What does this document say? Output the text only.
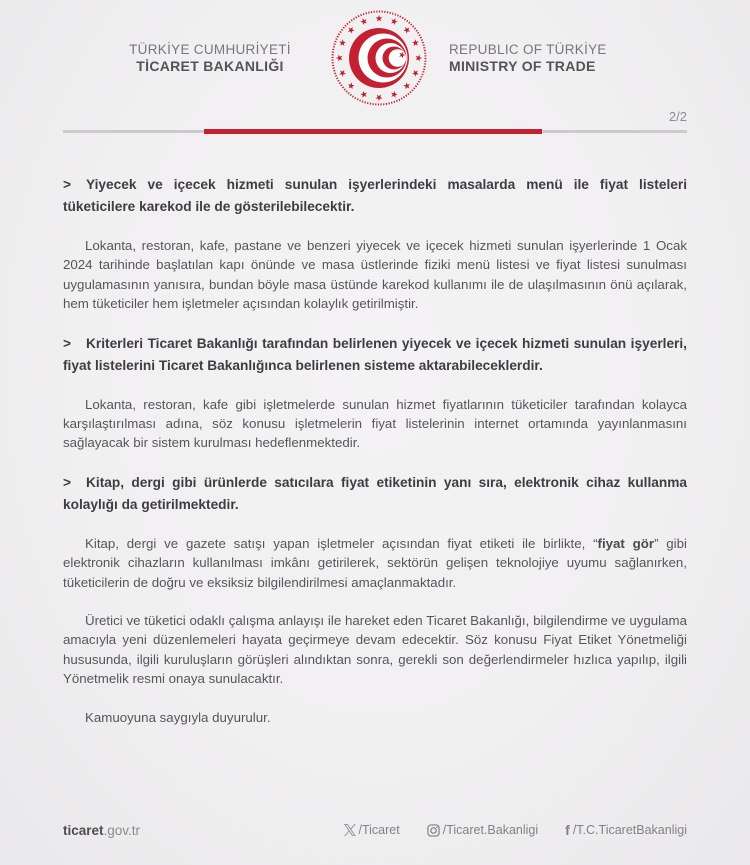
TÜRKİYE CUMHURİYETİ
TİCARET BAKANLIĞI
REPUBLIC OF TÜRKİYE
MINISTRY OF TRADE
2/2
> Yiyecek ve içecek hizmeti sunulan işyerlerindeki masalarda menü ile fiyat listeleri tüketicilere karekod ile de gösterilebilecektir.

Lokanta, restoran, kafe, pastane ve benzeri yiyecek ve içecek hizmeti sunulan işyerlerinde 1 Ocak 2024 tarihinde başlatılan kapı önünde ve masa üstlerinde fiziki menü listesi ve fiyat listesi sunulması uygulamasının yanısıra, bundan böyle masa üstünde karekod kullanımı ile de ulaşılmasının önü açılarak, hem tüketiciler hem işletmeler açısından kolaylık getirilmiştir.

> Kriterleri Ticaret Bakanlığı tarafından belirlenen yiyecek ve içecek hizmeti sunulan işyerleri, fiyat listelerini Ticaret Bakanlığınca belirlenen sisteme aktarabileceklerdir.

Lokanta, restoran, kafe gibi işletmelerde sunulan hizmet fiyatlarının tüketiciler tarafından kolayca karşılaştırılması adına, söz konusu işletmelerin fiyat listelerinin internet ortamında yayınlanmasını sağlayacak bir sistem kurulması hedeflenmektedir.

> Kitap, dergi gibi ürünlerde satıcılara fiyat etiketinin yanı sıra, elektronik cihaz kullanma kolaylığı da getirilmektedir.

Kitap, dergi ve gazete satışı yapan işletmeler açısından fiyat etiketi ile birlikte, “fiyat gör” gibi elektronik cihazların kullanılması imkânı getirilerek, sektörün gelişen teknolojiye uyumu sağlanırken, tüketicilerin de doğru ve eksiksiz bilgilendirilmesi amaçlanmaktadır.

Üretici ve tüketici odaklı çalışma anlayışı ile hareket eden Ticaret Bakanlığı, bilgilendirme ve uygulama amacıyla yeni düzenlemeleri hayata geçirmeye devam edecektir. Söz konusu Fiyat Etiket Yönetmeliği hususunda, ilgili kuruluşların görüşleri alındıktan sonra, gerekli son değerlendirmeler hızlıca yapılıp, ilgili Yönetmelik resmi onaya sunulacaktır.

Kamuoyuna saygıyla duyurulur.

ticaret.gov.tr	/Ticaret	/Ticaret.Bakanligi f /T.C.TicaretBakanligi
